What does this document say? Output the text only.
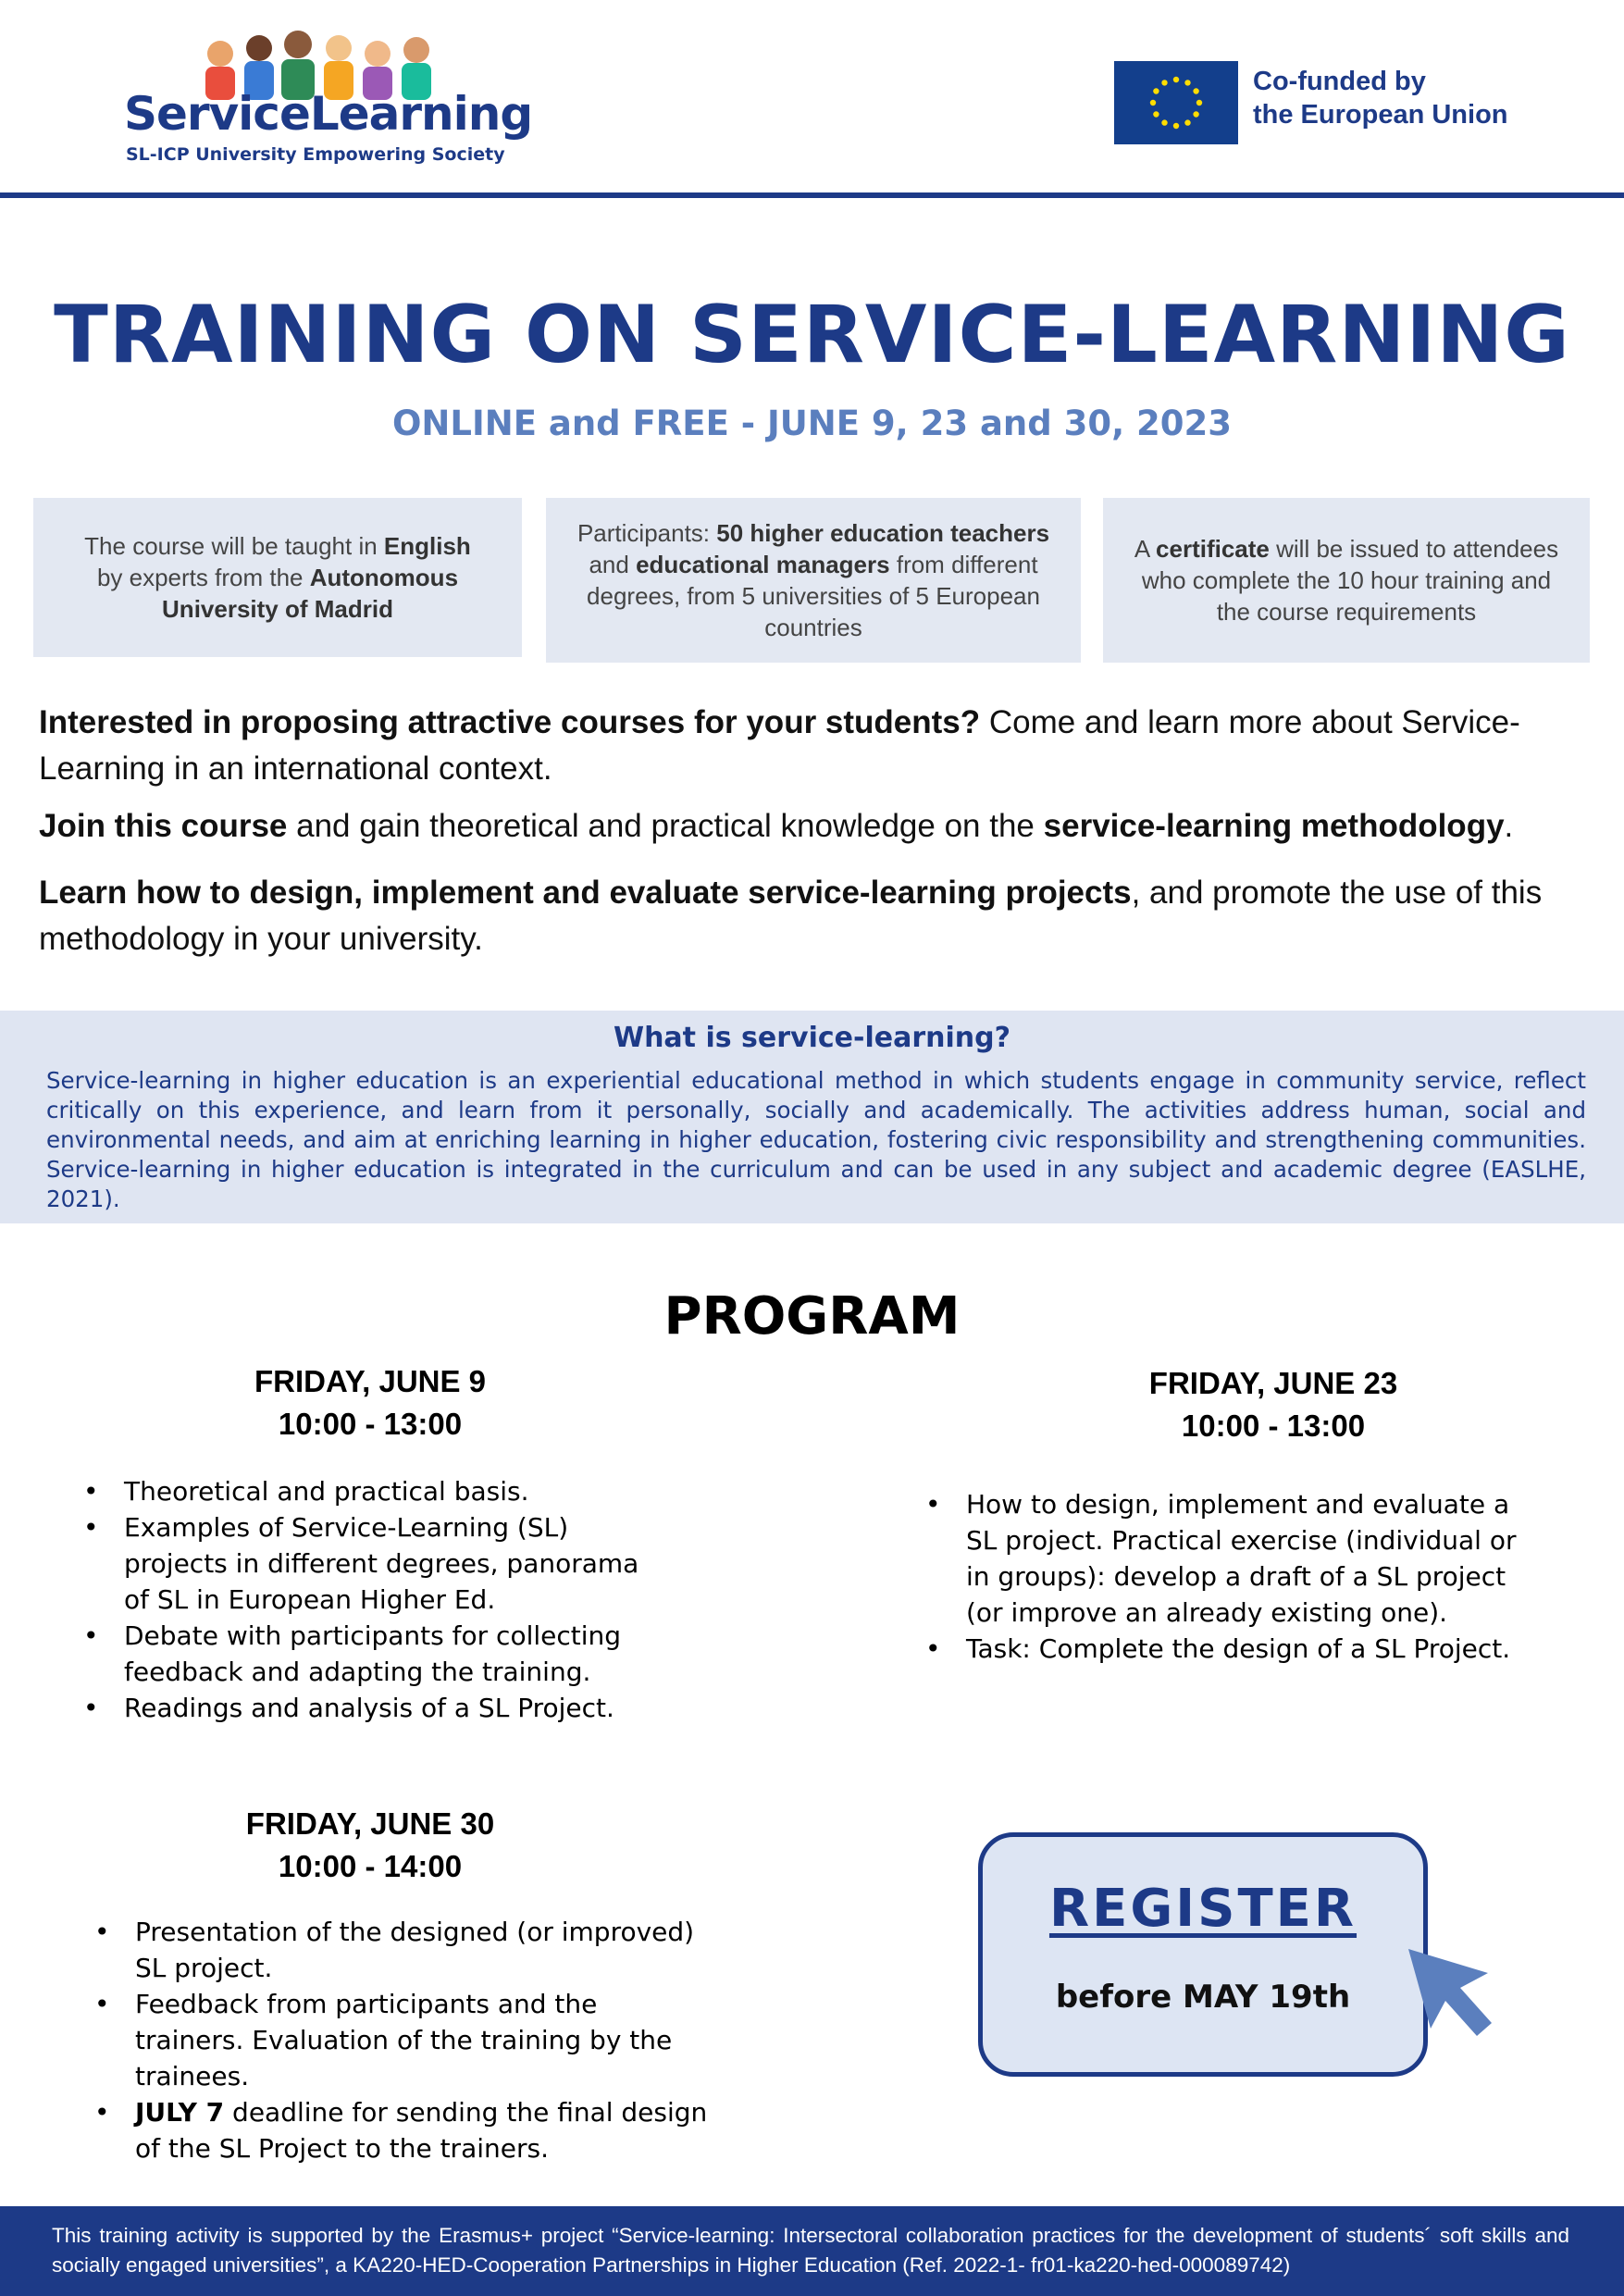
ServiceLearning
SL-ICP University Empowering Society
Co-funded by
the European Union
TRAINING ON SERVICE-LEARNING
ONLINE and FREE - JUNE 9, 23 and 30, 2023
The course will be taught in English
by experts from the Autonomous University of Madrid
Participants: 50 higher education teachers and educational managers from different degrees, from 5 universities of 5 European countries
A certificate will be issued to attendees who complete the 10 hour training and the course requirements
Interested in proposing attractive courses for your students? Come and learn more about Service-Learning in an international context.
Join this course and gain theoretical and practical knowledge on the service-learning methodology.
Learn how to design, implement and evaluate service-learning projects, and promote the use of this methodology in your university.
What is service-learning?
Service-learning in higher education is an experiential educational method in which students engage in community service, reflect critically on this experience, and learn from it personally, socially and academically. The activities address human, social and environmental needs, and aim at enriching learning in higher education, fostering civic responsibility and strengthening communities. Service-learning in higher education is integrated in the curriculum and can be used in any subject and academic degree (EASLHE, 2021).
PROGRAM
FRIDAY, JUNE 9
10:00 - 13:00
• Theoretical and practical basis.
• Examples of Service-Learning (SL) projects in different degrees, panorama of SL in European Higher Ed.
• Debate with participants for collecting feedback and adapting the training.
• Readings and analysis of a SL Project.
FRIDAY, JUNE 23
10:00 - 13:00
• How to design, implement and evaluate a SL project. Practical exercise (individual or in groups): develop a draft of a SL project (or improve an already existing one).
• Task: Complete the design of a SL Project.
FRIDAY, JUNE 30
10:00 - 14:00
• Presentation of the designed (or improved) SL project.
• Feedback from participants and the trainers. Evaluation of the training by the trainees.
• JULY 7 deadline for sending the final design of the SL Project to the trainers.
REGISTER
before MAY 19th
This training activity is supported by the Erasmus+ project “Service-learning: Intersectoral collaboration practices for the development of students´ soft skills and socially engaged universities”, a KA220-HED-Cooperation Partnerships in Higher Education (Ref. 2022-1- fr01-ka220-hed-000089742)
